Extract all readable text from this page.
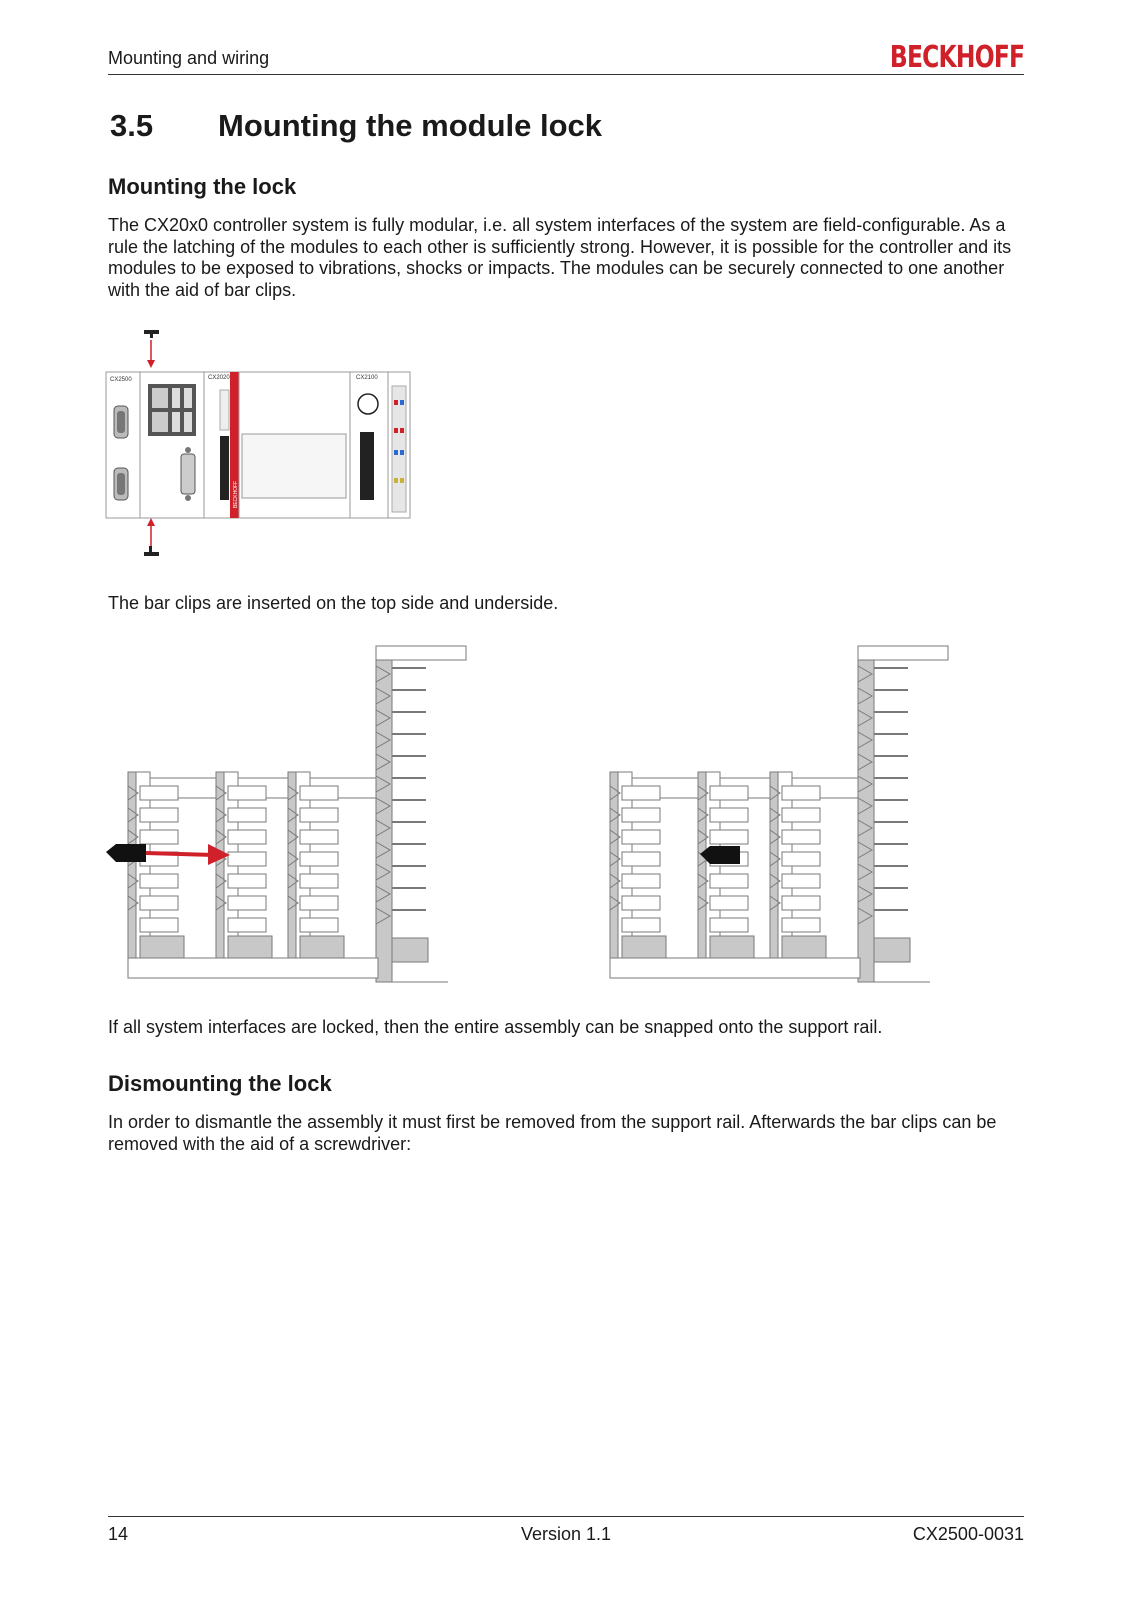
Mounting and wiring	BECKHOFF
3.5 Mounting the module lock
Mounting the lock
The CX20x0 controller system is fully modular, i.e. all system interfaces of the system are field-configurable. As a rule the latching of the modules to each other is sufficiently strong. However, it is possible for the controller and its modules to be exposed to vibrations, shocks or impacts. The modules can be securely connected to one another with the aid of bar clips.
CX2500	CX2020
BECKHOFF
CX2100
The bar clips are inserted on the top side and underside.
If all system interfaces are locked, then the entire assembly can be snapped onto the support rail.
Dismounting the lock
In order to dismantle the assembly it must first be removed from the support rail. Afterwards the bar clips can be removed with the aid of a screwdriver:
14	Version 1.1	CX2500-0031
